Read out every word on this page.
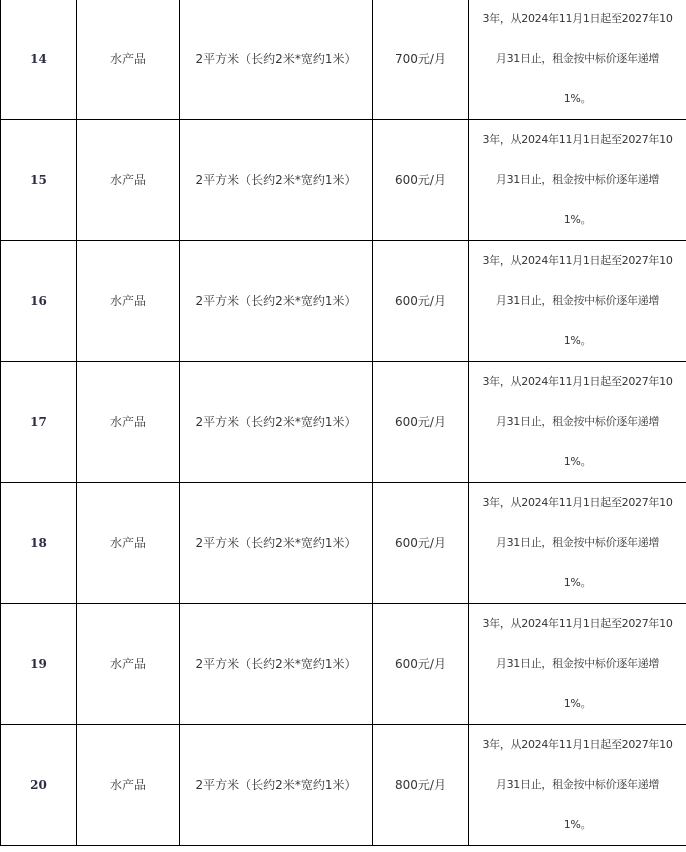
14	水产品	2平方米（长约2米*宽约1米）	700元/月	3年，从2024年11月1日起至2027年10
月31日止，租金按中标价逐年递增
1%。

15	水产品	2平方米（长约2米*宽约1米）	600元/月	3年，从2024年11月1日起至2027年10
月31日止，租金按中标价逐年递增
1%。

16	水产品	2平方米（长约2米*宽约1米）	600元/月	3年，从2024年11月1日起至2027年10
月31日止，租金按中标价逐年递增
1%。

17	水产品	2平方米（长约2米*宽约1米）	600元/月	3年，从2024年11月1日起至2027年10
月31日止，租金按中标价逐年递增
1%。

18	水产品	2平方米（长约2米*宽约1米）	600元/月	3年，从2024年11月1日起至2027年10
月31日止，租金按中标价逐年递增
1%。

19	水产品	2平方米（长约2米*宽约1米）	600元/月	3年，从2024年11月1日起至2027年10
月31日止，租金按中标价逐年递增
1%。

20	水产品	2平方米（长约2米*宽约1米）	800元/月	3年，从2024年11月1日起至2027年10
月31日止，租金按中标价逐年递增
1%。
